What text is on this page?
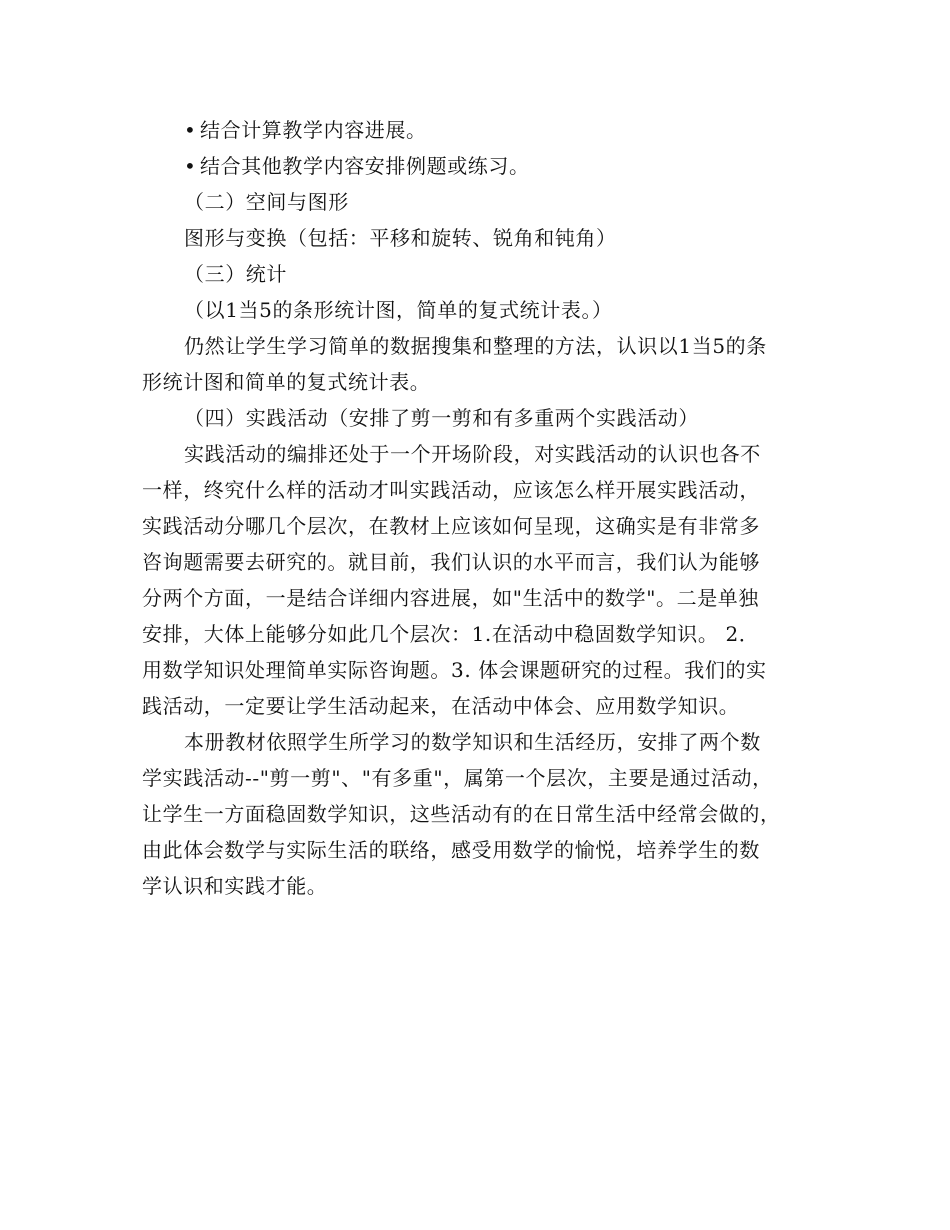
• 结合计算教学内容进展。
• 结合其他教学内容安排例题或练习。
（二）空间与图形
图形与变换（包括：平移和旋转、锐角和钝角）
（三）统计
（以1当5的条形统计图，简单的复式统计表。）
仍然让学生学习简单的数据搜集和整理的方法，认识以1当5的条
形统计图和简单的复式统计表。
（四）实践活动（安排了剪一剪和有多重两个实践活动）
实践活动的编排还处于一个开场阶段，对实践活动的认识也各不
一样，终究什么样的活动才叫实践活动，应该怎么样开展实践活动，
实践活动分哪几个层次，在教材上应该如何呈现，这确实是有非常多
咨询题需要去研究的。就目前，我们认识的水平而言，我们认为能够
分两个方面，一是结合详细内容进展，如"生活中的数学"。二是单独
安排，大体上能够分如此几个层次：1.在活动中稳固数学知识。 2．
用数学知识处理简单实际咨询题。3. 体会课题研究的过程。我们的实
践活动，一定要让学生活动起来，在活动中体会、应用数学知识。
本册教材依照学生所学习的数学知识和生活经历，安排了两个数
学实践活动--"剪一剪"、"有多重"，属第一个层次，主要是通过活动，
让学生一方面稳固数学知识，这些活动有的在日常生活中经常会做的，
由此体会数学与实际生活的联络，感受用数学的愉悦，培养学生的数
学认识和实践才能。
